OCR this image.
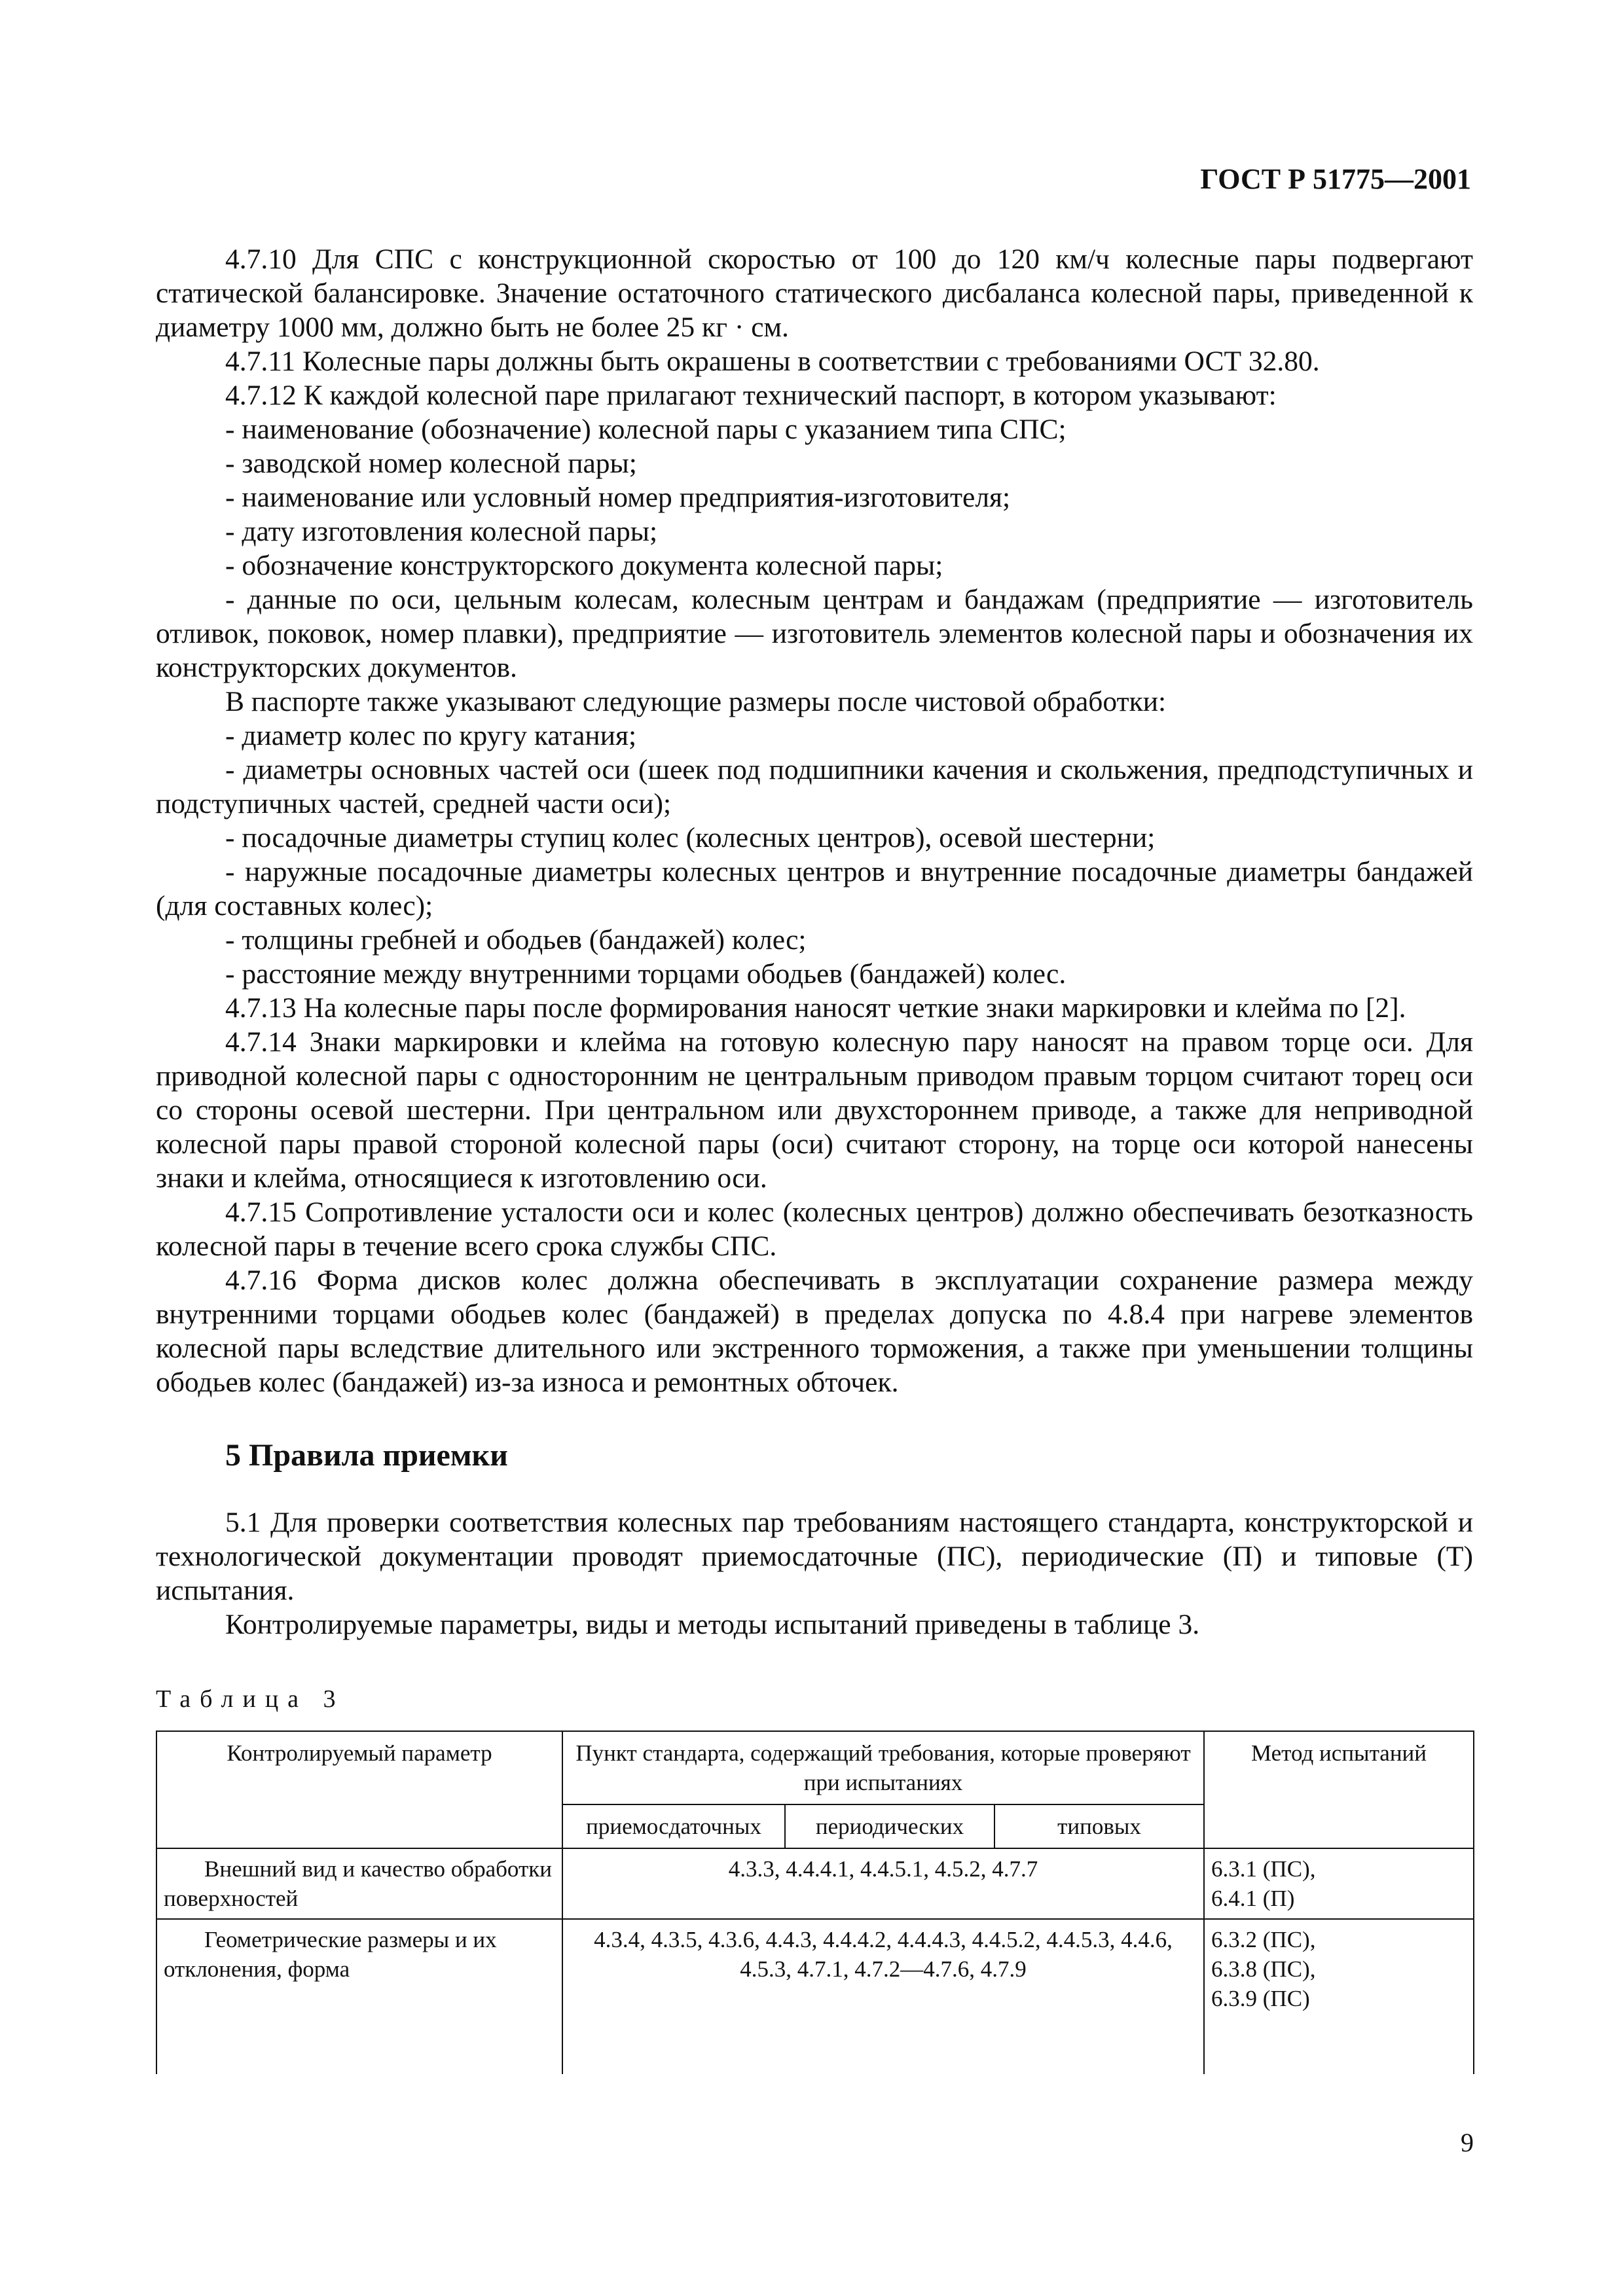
ГОСТ Р 51775—2001

4.7.10 Для СПС с конструкционной скоростью от 100 до 120 км/ч колесные пары подвергают статической балансировке. Значение остаточного статического дисбаланса колесной пары, приведенной к диаметру 1000 мм, должно быть не более 25 кг · см.

4.7.11 Колесные пары должны быть окрашены в соответствии с требованиями ОСТ 32.80.

4.7.12 К каждой колесной паре прилагают технический паспорт, в котором указывают:

- наименование (обозначение) колесной пары с указанием типа СПС;

- заводской номер колесной пары;

- наименование или условный номер предприятия-изготовителя;

- дату изготовления колесной пары;

- обозначение конструкторского документа колесной пары;

- данные по оси, цельным колесам, колесным центрам и бандажам (предприятие — изготовитель отливок, поковок, номер плавки), предприятие — изготовитель элементов колесной пары и обозначения их конструкторских документов.

В паспорте также указывают следующие размеры после чистовой обработки:

- диаметр колес по кругу катания;

- диаметры основных частей оси (шеек под подшипники качения и скольжения, предподступичных и подступичных частей, средней части оси);

- посадочные диаметры ступиц колес (колесных центров), осевой шестерни;

- наружные посадочные диаметры колесных центров и внутренние посадочные диаметры бандажей (для составных колес);

- толщины гребней и ободьев (бандажей) колес;

- расстояние между внутренними торцами ободьев (бандажей) колес.

4.7.13 На колесные пары после формирования наносят четкие знаки маркировки и клейма по [2].

4.7.14 Знаки маркировки и клейма на готовую колесную пару наносят на правом торце оси. Для приводной колесной пары с односторонним не центральным приводом правым торцом считают торец оси со стороны осевой шестерни. При центральном или двухстороннем приводе, а также для неприводной колесной пары правой стороной колесной пары (оси) считают сторону, на торце оси которой нанесены знаки и клейма, относящиеся к изготовлению оси.

4.7.15 Сопротивление усталости оси и колес (колесных центров) должно обеспечивать безотказность колесной пары в течение всего срока службы СПС.

4.7.16 Форма дисков колес должна обеспечивать в эксплуатации сохранение размера между внутренними торцами ободьев колес (бандажей) в пределах допуска по 4.8.4 при нагреве элементов колесной пары вследствие длительного или экстренного торможения, а также при уменьшении толщины ободьев колес (бандажей) из-за износа и ремонтных обточек.

5 Правила приемки

5.1 Для проверки соответствия колесных пар требованиям настоящего стандарта, конструкторской и технологической документации проводят приемосдаточные (ПС), периодические (П) и типовые (Т) испытания.

Контролируемые параметры, виды и методы испытаний приведены в таблице 3.

Таблица 3
Контролируемый параметр	Пункт стандарта, содержащий требования, которые проверяют при испытаниях			Метод испытаний
	приемосдаточных	периодических	типовых	

Внешний вид и качество обработки поверхностей	4.3.3, 4.4.4.1, 4.4.5.1, 4.5.2, 4.7.7			6.3.1 (ПС),
6.4.1 (П)

Геометрические размеры и их отклонения, форма	4.3.4, 4.3.5, 4.3.6, 4.4.3, 4.4.4.2, 4.4.4.3, 4.4.5.2, 4.4.5.3, 4.4.6, 4.5.3, 4.7.1, 4.7.2—4.7.6, 4.7.9			6.3.2 (ПС),
6.3.8 (ПС),
6.3.9 (ПС)
9
